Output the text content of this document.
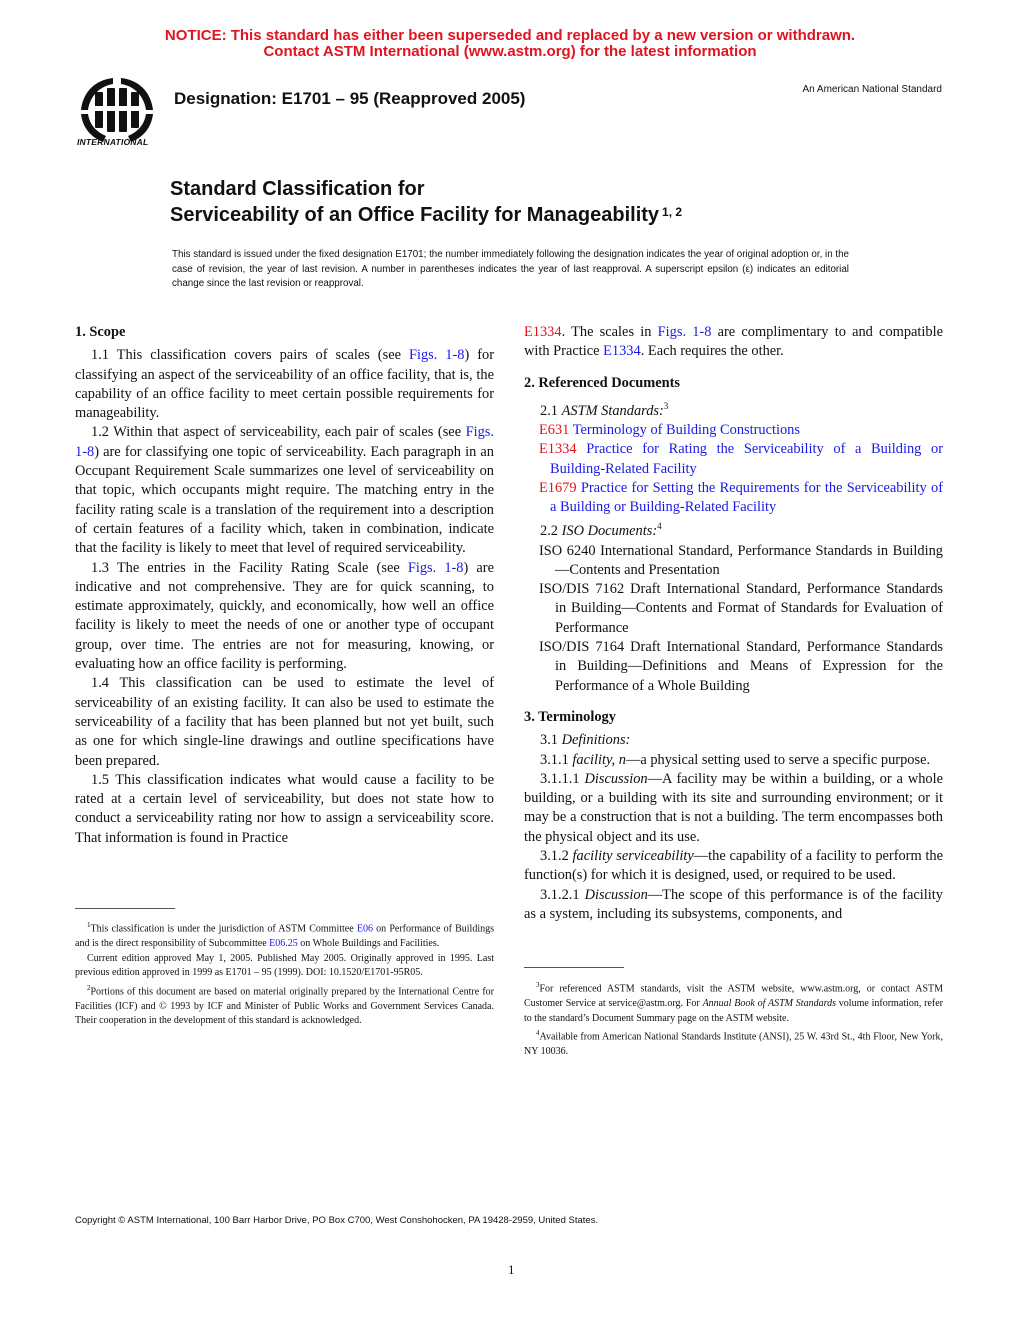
NOTICE: This standard has either been superseded and replaced by a new version or withdrawn.
Contact ASTM International (www.astm.org) for the latest information
INTERNATIONAL
Designation: E1701 – 95 (Reapproved 2005)	An American National Standard
Standard Classification for
Serviceability of an Office Facility for Manageability $^{1, 2}$
This standard is issued under the fixed designation E1701; the number immediately following the designation indicates the year of original adoption or, in the case of revision, the year of last revision. A number in parentheses indicates the year of last reapproval. A superscript epsilon (ε) indicates an editorial change since the last revision or reapproval.
1. Scope

1.1 This classification covers pairs of scales (see Figs. 1-8) for classifying an aspect of the serviceability of an office facility, that is, the capability of an office facility to meet certain possible requirements for manageability.

1.2 Within that aspect of serviceability, each pair of scales (see Figs. 1-8) are for classifying one topic of serviceability. Each paragraph in an Occupant Requirement Scale summarizes one level of serviceability on that topic, which occupants might require. The matching entry in the facility rating scale is a translation of the requirement into a description of certain features of a facility which, taken in combination, indicate that the facility is likely to meet that level of required serviceability.

1.3 The entries in the Facility Rating Scale (see Figs. 1-8) are indicative and not comprehensive. They are for quick scanning, to estimate approximately, quickly, and economically, how well an office facility is likely to meet the needs of one or another type of occupant group, over time. The entries are not for measuring, knowing, or evaluating how an office facility is performing.

1.4 This classification can be used to estimate the level of serviceability of an existing facility. It can also be used to estimate the serviceability of a facility that has been planned but not yet built, such as one for which single-line drawings and outline specifications have been prepared.

1.5 This classification indicates what would cause a facility to be rated at a certain level of serviceability, but does not state how to conduct a serviceability rating nor how to assign a serviceability score. That information is found in Practice

$^1$This classification is under the jurisdiction of ASTM Committee E06 on Performance of Buildings and is the direct responsibility of Subcommittee E06.25 on Whole Buildings and Facilities.

Current edition approved May 1, 2005. Published May 2005. Originally approved in 1995. Last previous edition approved in 1999 as E1701 – 95 (1999). DOI: 10.1520/E1701-95R05.

$^2$Portions of this document are based on material originally prepared by the International Centre for Facilities (ICF) and © 1993 by ICF and Minister of Public Works and Government Services Canada. Their cooperation in the development of this standard is acknowledged.

E1334. The scales in Figs. 1-8 are complimentary to and compatible with Practice E1334. Each requires the other.

2. Referenced Documents

2.1 ASTM Standards:$^3$

E631 Terminology of Building Constructions

E1334 Practice for Rating the Serviceability of a Building or Building-Related Facility

E1679 Practice for Setting the Requirements for the Serviceability of a Building or Building-Related Facility

2.2 ISO Documents:$^4$

ISO 6240 International Standard, Performance Standards in Building—Contents and Presentation

ISO/DIS 7162 Draft International Standard, Performance Standards in Building—Contents and Format of Standards for Evaluation of Performance

ISO/DIS 7164 Draft International Standard, Performance Standards in Building—Definitions and Means of Expression for the Performance of a Whole Building

3. Terminology

3.1 Definitions:

3.1.1 facility, n—a physical setting used to serve a specific purpose.

3.1.1.1 Discussion—A facility may be within a building, or a whole building, or a building with its site and surrounding environment; or it may be a construction that is not a building. The term encompasses both the physical object and its use.

3.1.2 facility serviceability—the capability of a facility to perform the function(s) for which it is designed, used, or required to be used.

3.1.2.1 Discussion—The scope of this performance is of the facility as a system, including its subsystems, components, and

$^3$For referenced ASTM standards, visit the ASTM website, www.astm.org, or contact ASTM Customer Service at service@astm.org. For Annual Book of ASTM Standards volume information, refer to the standard’s Document Summary page on the ASTM website.

$^4$Available from American National Standards Institute (ANSI), 25 W. 43rd St., 4th Floor, New York, NY 10036.

Copyright © ASTM International, 100 Barr Harbor Drive, PO Box C700, West Conshohocken, PA 19428-2959, United States.
1
